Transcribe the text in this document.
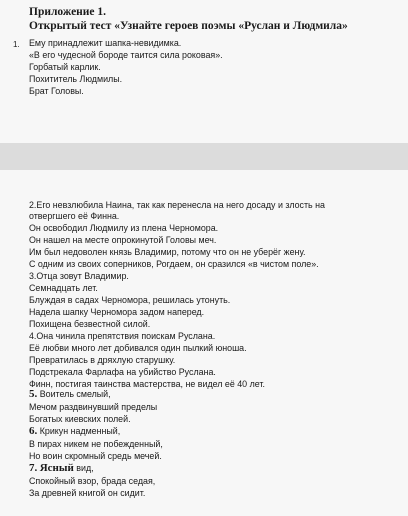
Приложение 1.
Открытый тест «Узнайте героев поэмы «Руслан и Людмила»
1. Ему принадлежит шапка-невидимка.
«В его чудесной бороде таится сила роковая».
Горбатый карлик.
Похититель Людмилы.
Брат Головы.
2.Его невзлюбила Наина, так как перенесла на него досаду и злость на
отвергшего её Финна.
Он освободил Людмилу из плена Черномора.
Он нашел на месте опрокинутой Головы меч.
Им был недоволен князь Владимир, потому что он не уберёг жену.
С одним из своих соперников, Рогдаем, он сразился «в чистом поле».
3.Отца зовут Владимир.
Семнадцать лет.
Блуждая в садах Черномора, решилась утонуть.
Надела шапку Черномора задом наперед.
Похищена безвестной силой.
4.Она чинила препятствия поискам Руслана.
Её любви много лет добивался один пылкий юноша.
Превратилась в дряхлую старушку.
Подстрекала Фарлафа на убийство Руслана.
Финн, постигая таинства мастерства, не видел её 40 лет.
5. Воитель смелый,
Мечом раздвинувший пределы
Богатых киевских полей.
6. Крикун надменный,
В пирах никем не побежденный,
Но воин скромный средь мечей.
7. Ясный вид,
Спокойный взор, брада седая,
За древней книгой он сидит.
